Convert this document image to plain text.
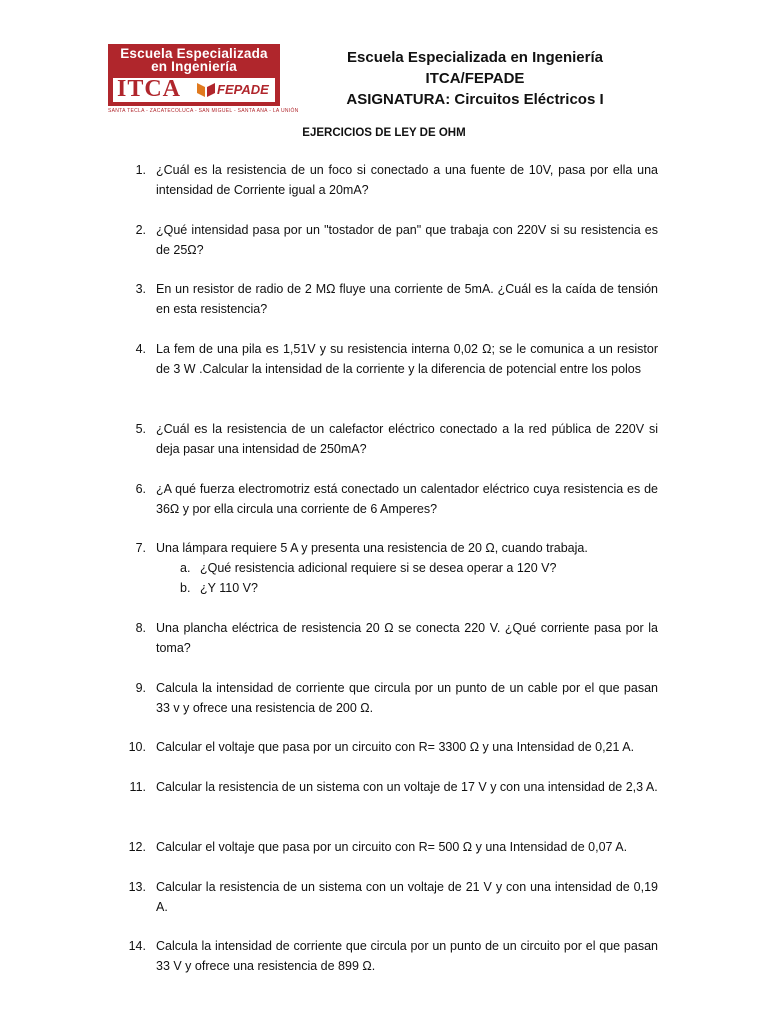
Escuela Especializada
en Ingeniería
ITCA	FEPADE
SANTA TECLA - ZACATECOLUCA - SAN MIGUEL - SANTA ANA - LA UNIÓN
Escuela Especializada en Ingeniería
ITCA/FEPADE
ASIGNATURA: Circuitos Eléctricos I
EJERCICIOS DE LEY DE OHM
1. ¿Cuál es la resistencia de un foco si conectado a una fuente de 10V, pasa por ella una intensidad de Corriente igual a 20mA?
2. ¿Qué intensidad pasa por un "tostador de pan" que trabaja con 220V si su resistencia es de 25Ω?
3. En un resistor de radio de 2 MΩ fluye una corriente de 5mA. ¿Cuál es la caída de tensión en esta resistencia?
4. La fem de una pila es 1,51V y su resistencia interna 0,02 Ω; se le comunica a un resistor de 3 W .Calcular la intensidad de la corriente y la diferencia de potencial entre los polos
5. ¿Cuál es la resistencia de un calefactor eléctrico conectado a la red pública de 220V si deja pasar una intensidad de 250mA?
6. ¿A qué fuerza electromotriz está conectado un calentador eléctrico cuya resistencia es de 36Ω y por ella circula una corriente de 6 Amperes?
7. Una lámpara requiere 5 A y presenta una resistencia de 20 Ω, cuando trabaja.
a. ¿Qué resistencia adicional requiere si se desea operar a 120 V?
b. ¿Y 110 V?
8. Una plancha eléctrica de resistencia 20 Ω se conecta 220 V. ¿Qué corriente pasa por la toma?
9. Calcula la intensidad de corriente que circula por un punto de un cable por el que pasan 33 v y ofrece una resistencia de 200 Ω.
10. Calcular el voltaje que pasa por un circuito con R= 3300 Ω y una Intensidad de 0,21 A.
11. Calcular la resistencia de un sistema con un voltaje de 17 V y con una intensidad de 2,3 A.
12. Calcular el voltaje que pasa por un circuito con R= 500 Ω y una Intensidad de 0,07 A.
13. Calcular la resistencia de un sistema con un voltaje de 21 V y con una intensidad de 0,19 A.
14. Calcula la intensidad de corriente que circula por un punto de un circuito por el que pasan 33 V y ofrece una resistencia de 899 Ω.
